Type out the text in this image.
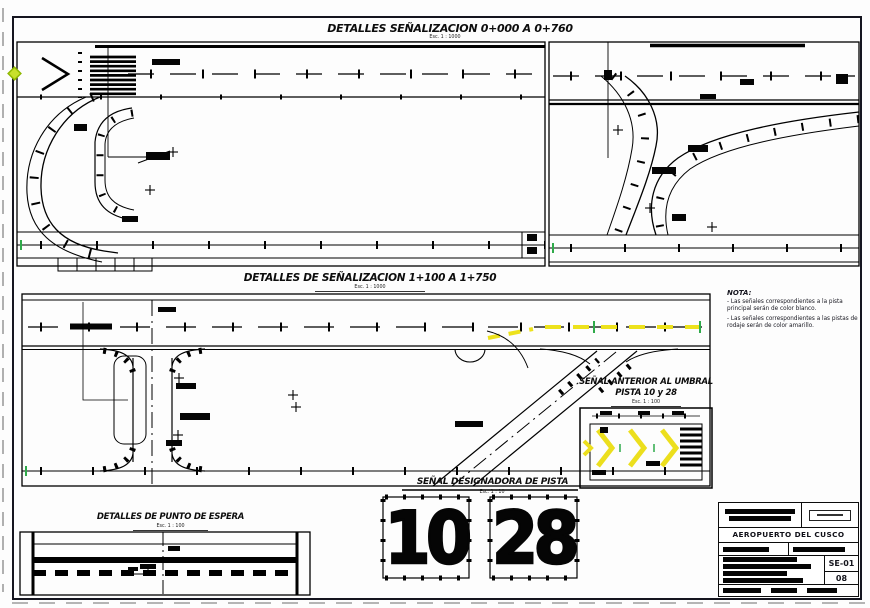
DETALLES SEÑALIZACION 0+000 A 0+760
Esc. 1 : 1000
DETALLES DE SEÑALIZACION 1+100 A 1+750
Esc. 1 : 1000
NOTA:
- Las señales correspondientes a la pista principal serán de color blanco.
- Las señales correspondientes a las pistas de rodaje serán de color amarillo.
SEÑAL ANTERIOR AL UMBRAL
PISTA 10 y 28
Esc. 1 : 100
SEÑAL DESIGNADORA DE PISTA
Esc. 1 : 10
10 28
DETALLES DE PUNTO DE ESPERA
Esc. 1 : 100
AEROPUERTO DEL CUSCO
SE-01
08
